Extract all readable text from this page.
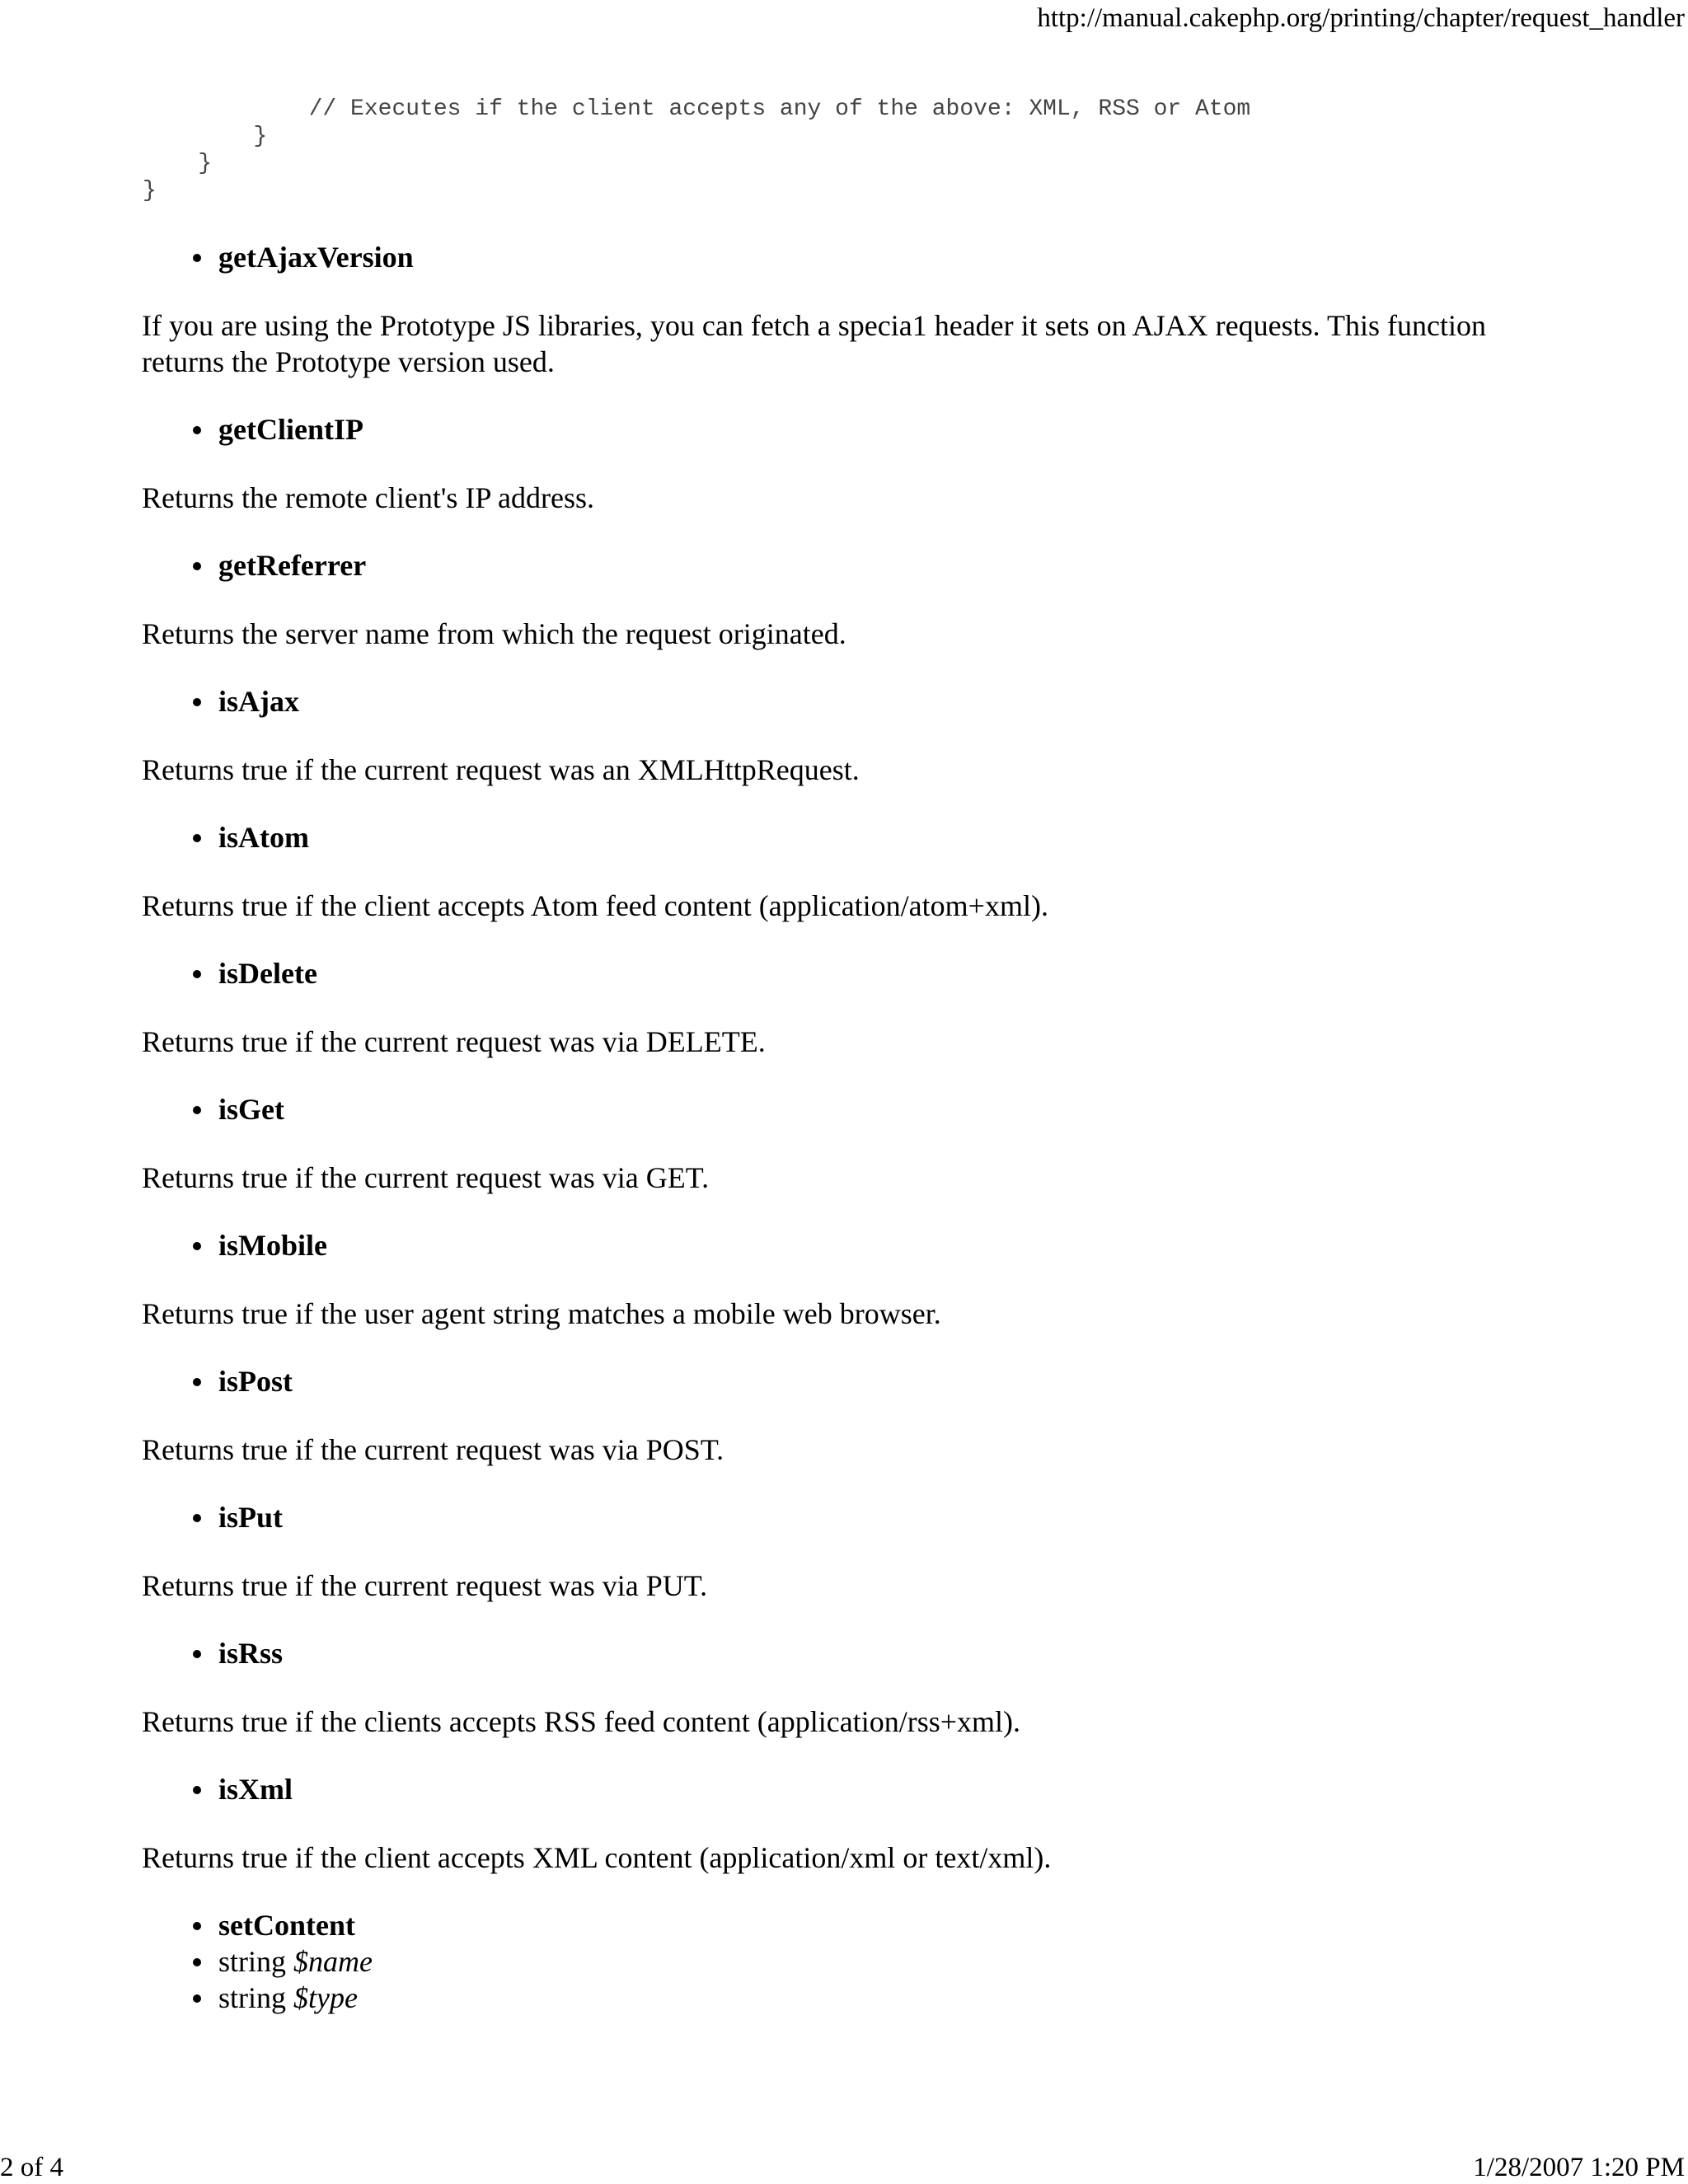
http://manual.cakephp.org/printing/chapter/request_handler
// Executes if the client accepts any of the above: XML, RSS or Atom
}
}
}
getAjaxVersion
If you are using the Prototype JS libraries, you can fetch a specia1 header it sets on AJAX requests. This function returns the Prototype version used.
getClientIP
Returns the remote client's IP address.
getReferrer
Returns the server name from which the request originated.
isAjax
Returns true if the current request was an XMLHttpRequest.
isAtom
Returns true if the client accepts Atom feed content (application/atom+xml).
isDelete
Returns true if the current request was via DELETE.
isGet
Returns true if the current request was via GET.
isMobile
Returns true if the user agent string matches a mobile web browser.
isPost
Returns true if the current request was via POST.
isPut
Returns true if the current request was via PUT.
isRss
Returns true if the clients accepts RSS feed content (application/rss+xml).
isXml
Returns true if the client accepts XML content (application/xml or text/xml).
setContent
string $name
string $type
2 of 4	1/28/2007 1:20 PM
